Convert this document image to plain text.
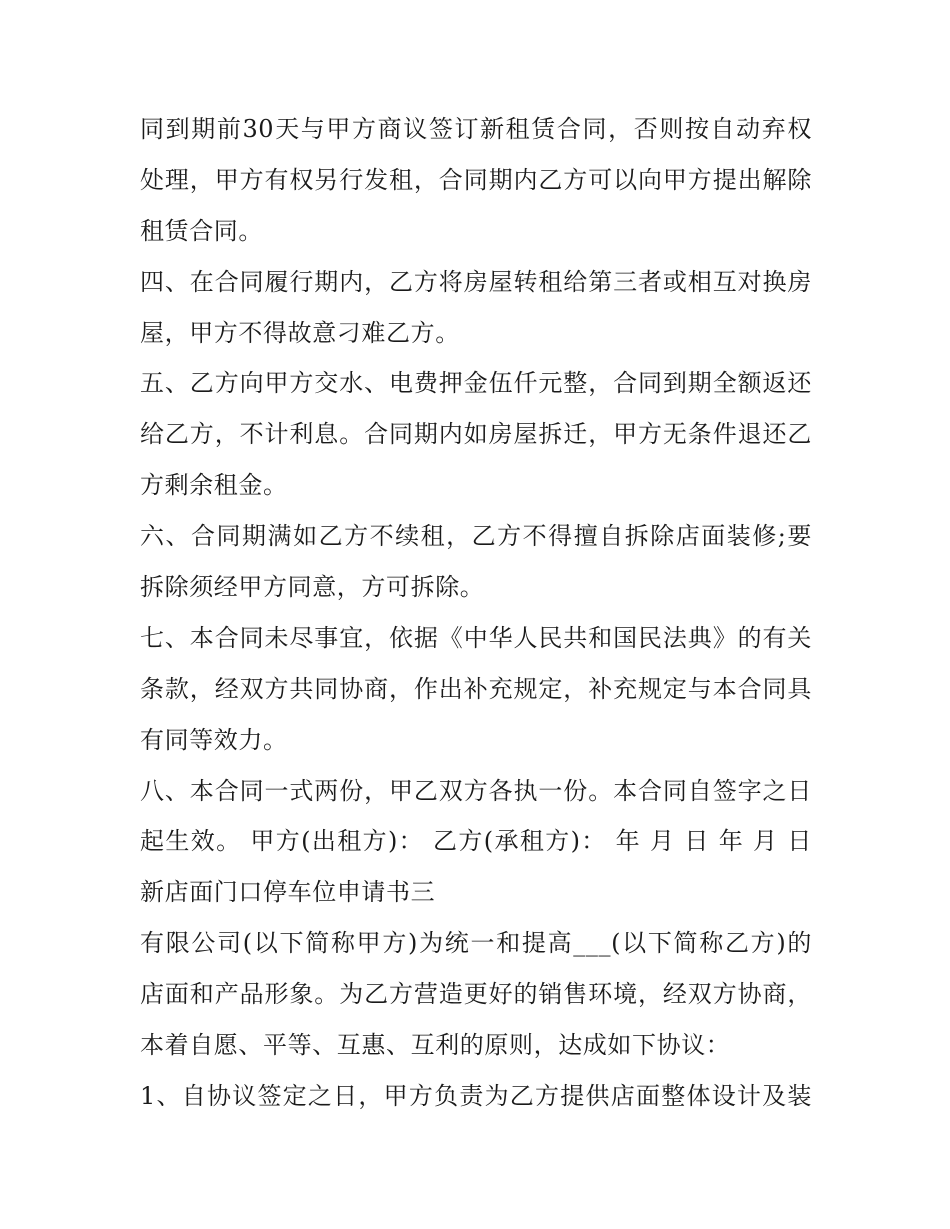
同到期前30天与甲方商议签订新租赁合同，否则按自动弃权
处理，甲方有权另行发租，合同期内乙方可以向甲方提出解除
租赁合同。
四、在合同履行期内，乙方将房屋转租给第三者或相互对换房
屋，甲方不得故意刁难乙方。
五、乙方向甲方交水、电费押金伍仟元整，合同到期全额返还
给乙方，不计利息。合同期内如房屋拆迁，甲方无条件退还乙
方剩余租金。
六、合同期满如乙方不续租，乙方不得擅自拆除店面装修;要
拆除须经甲方同意，方可拆除。
七、本合同未尽事宜，依据《中华人民共和国民法典》的有关
条款，经双方共同协商，作出补充规定，补充规定与本合同具
有同等效力。
八、本合同一式两份，甲乙双方各执一份。本合同自签字之日
起生效。 甲方(出租方)： 乙方(承租方)： 年 月 日 年 月 日
新店面门口停车位申请书三
有限公司(以下简称甲方)为统一和提高___(以下简称乙方)的
店面和产品形象。为乙方营造更好的销售环境，经双方协商，
本着自愿、平等、互惠、互利的原则，达成如下协议：
1、自协议签定之日，甲方负责为乙方提供店面整体设计及装
